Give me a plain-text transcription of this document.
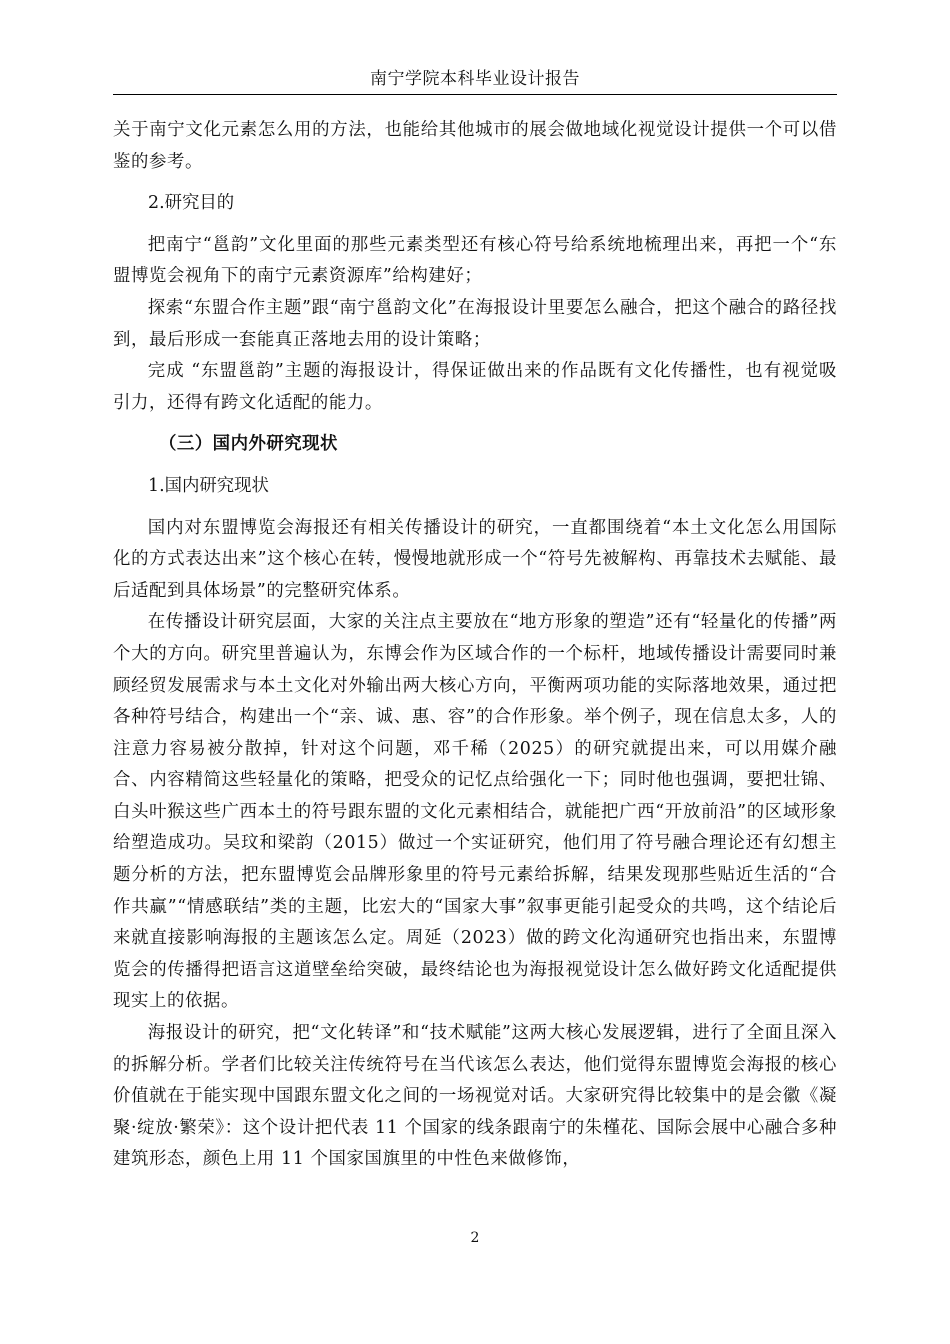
南宁学院本科毕业设计报告

关于南宁文化元素怎么用的方法，也能给其他城市的展会做地域化视觉设计提供一个可以借鉴的参考。

2.研究目的

把南宁“邕韵”文化里面的那些元素类型还有核心符号给系统地梳理出来，再把一个“东盟博览会视角下的南宁元素资源库”给构建好；

探索“东盟合作主题”跟“南宁邕韵文化”在海报设计里要怎么融合，把这个融合的路径找到，最后形成一套能真正落地去用的设计策略；

完成 “东盟邕韵”主题的海报设计，得保证做出来的作品既有文化传播性，也有视觉吸引力，还得有跨文化适配的能力。

（三）国内外研究现状

1.国内研究现状

国内对东盟博览会海报还有相关传播设计的研究，一直都围绕着“本土文化怎么用国际化的方式表达出来”这个核心在转，慢慢地就形成一个“符号先被解构、再靠技术去赋能、最后适配到具体场景”的完整研究体系。

在传播设计研究层面，大家的关注点主要放在“地方形象的塑造”还有“轻量化的传播”两个大的方向。研究里普遍认为，东博会作为区域合作的一个标杆，地域传播设计需要同时兼顾经贸发展需求与本土文化对外输出两大核心方向，平衡两项功能的实际落地效果，通过把各种符号结合，构建出一个“亲、诚、惠、容”的合作形象。举个例子，现在信息太多，人的注意力容易被分散掉，针对这个问题，邓千稀（2025）的研究就提出来，可以用媒介融合、内容精简这些轻量化的策略，把受众的记忆点给强化一下；同时他也强调，要把壮锦、白头叶猴这些广西本土的符号跟东盟的文化元素相结合，就能把广西“开放前沿”的区域形象给塑造成功。吴玟和梁韵（2015）做过一个实证研究，他们用了符号融合理论还有幻想主题分析的方法，把东盟博览会品牌形象里的符号元素给拆解，结果发现那些贴近生活的“合作共赢”“情感联结”类的主题，比宏大的“国家大事”叙事更能引起受众的共鸣，这个结论后来就直接影响海报的主题该怎么定。周延（2023）做的跨文化沟通研究也指出来，东盟博览会的传播得把语言这道壁垒给突破，最终结论也为海报视觉设计怎么做好跨文化适配提供现实上的依据。

海报设计的研究，把“文化转译”和“技术赋能”这两大核心发展逻辑，进行了全面且深入的拆解分析。学者们比较关注传统符号在当代该怎么表达，他们觉得东盟博览会海报的核心价值就在于能实现中国跟东盟文化之间的一场视觉对话。大家研究得比较集中的是会徽《凝聚·绽放·繁荣》：这个设计把代表 11 个国家的线条跟南宁的朱槿花、国际会展中心融合多种建筑形态，颜色上用 11 个国家国旗里的中性色来做修饰，

2
